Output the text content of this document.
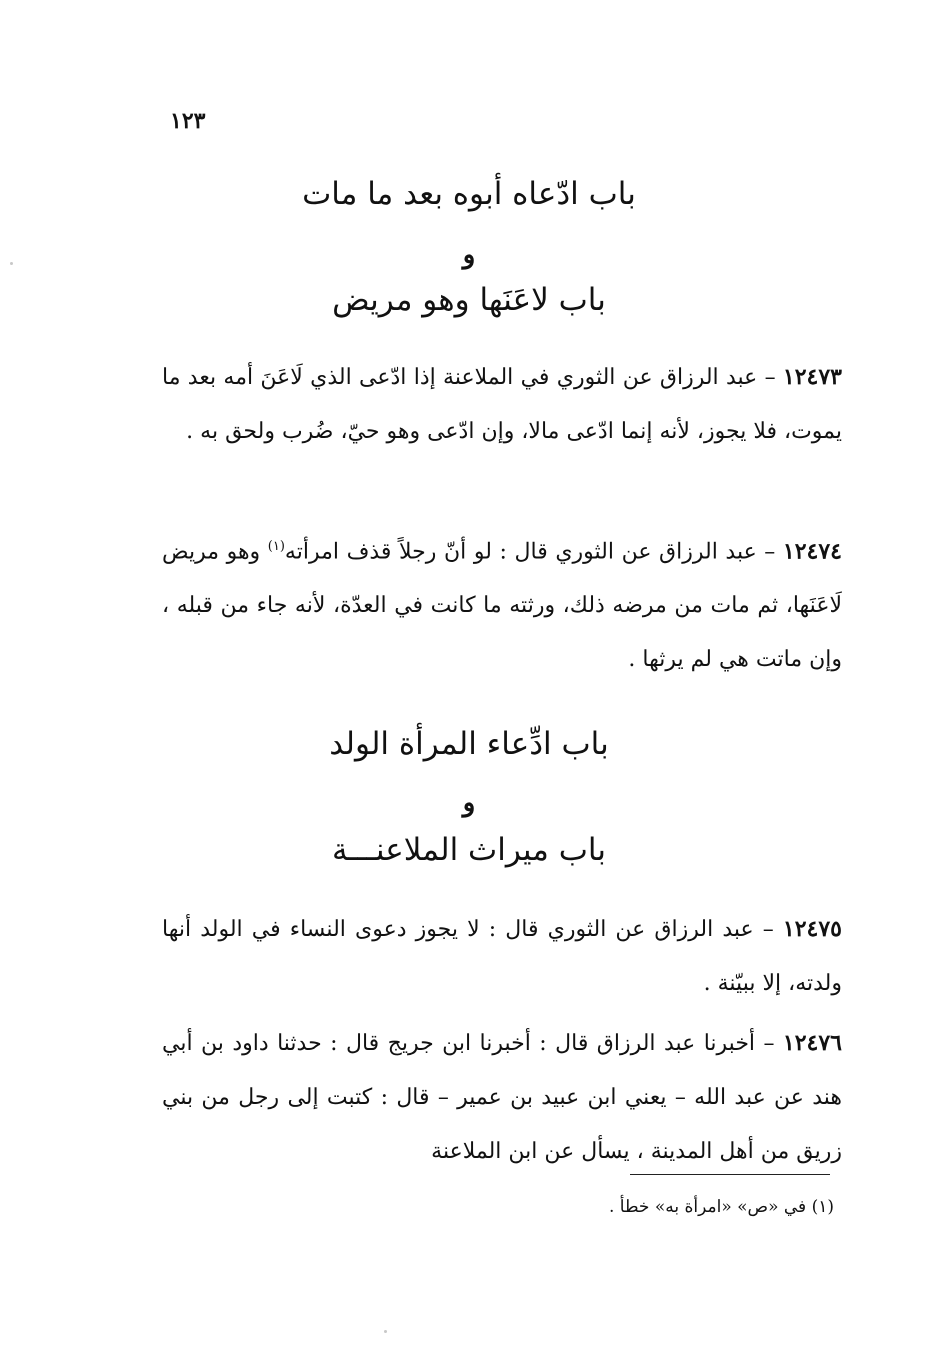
١٢٣
باب ادّعاه أبوه بعد ما مات
و
باب لاعَنَها وهو مريض

١٢٤٧٣ – عبد الرزاق عن الثوري في الملاعنة إذا ادّعى الذي لَاعَنَ أمه بعد ما يموت، فلا يجوز، لأنه إنما ادّعى مالا، وإن ادّعى وهو حيّ، ضُرب ولحق به .

١٢٤٧٤ – عبد الرزاق عن الثوري قال : لو أنّ رجلاً قذف امرأته$^{(١)}$ وهو مريض لَاعَنَها، ثم مات من مرضه ذلك، ورثته ما كانت في العدّة، لأنه جاء من قبله ، وإن ماتت هي لم يرثها .

باب ادِّعاء المرأة الولد
و
باب ميراث الملاعنـــة

١٢٤٧٥ – عبد الرزاق عن الثوري قال : لا يجوز دعوى النساء في الولد أنها ولدته، إلا ببيّنة .

١٢٤٧٦ – أخبرنا عبد الرزاق قال : أخبرنا ابن جريج قال : حدثنا داود بن أبي هند عن عبد الله – يعني ابن عبيد بن عمير – قال : كتبت إلى رجل من بني زريق من أهل المدينة ، يسأل عن ابن الملاعنة

(١) في «ص» «امرأة به» خطأ .
